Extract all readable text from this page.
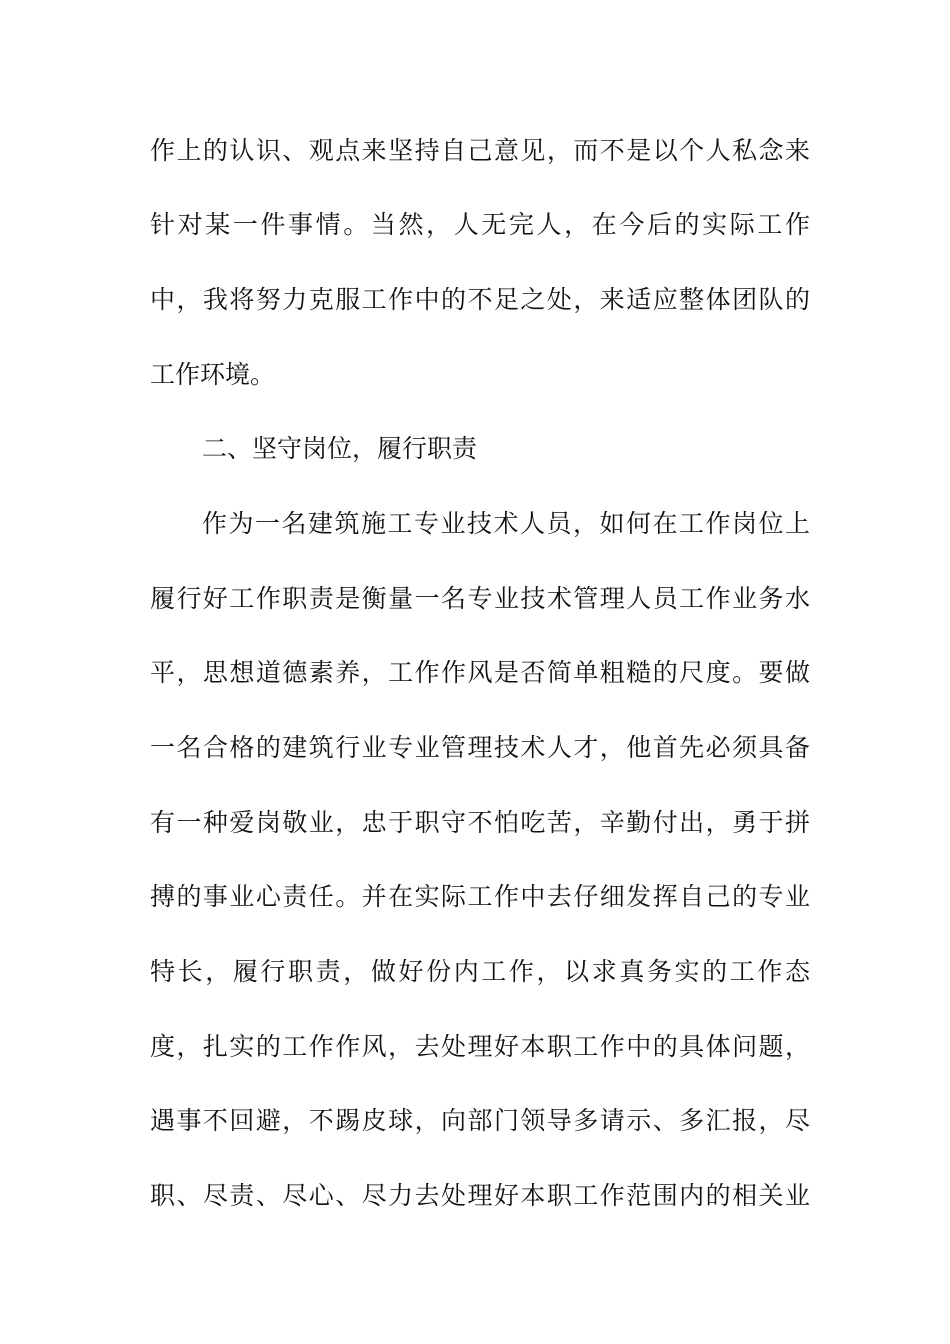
作上的认识、观点来坚持自己意见，而不是以个人私念来
针对某一件事情。当然，人无完人，在今后的实际工作
中，我将努力克服工作中的不足之处，来适应整体团队的
工作环境。
二、坚守岗位，履行职责
作为一名建筑施工专业技术人员，如何在工作岗位上
履行好工作职责是衡量一名专业技术管理人员工作业务水
平，思想道德素养，工作作风是否简单粗糙的尺度。要做
一名合格的建筑行业专业管理技术人才，他首先必须具备
有一种爱岗敬业，忠于职守不怕吃苦，辛勤付出，勇于拼
搏的事业心责任。并在实际工作中去仔细发挥自己的专业
特长，履行职责，做好份内工作，以求真务实的工作态
度，扎实的工作作风，去处理好本职工作中的具体问题，
遇事不回避，不踢皮球，向部门领导多请示、多汇报，尽
职、尽责、尽心、尽力去处理好本职工作范围内的相关业
